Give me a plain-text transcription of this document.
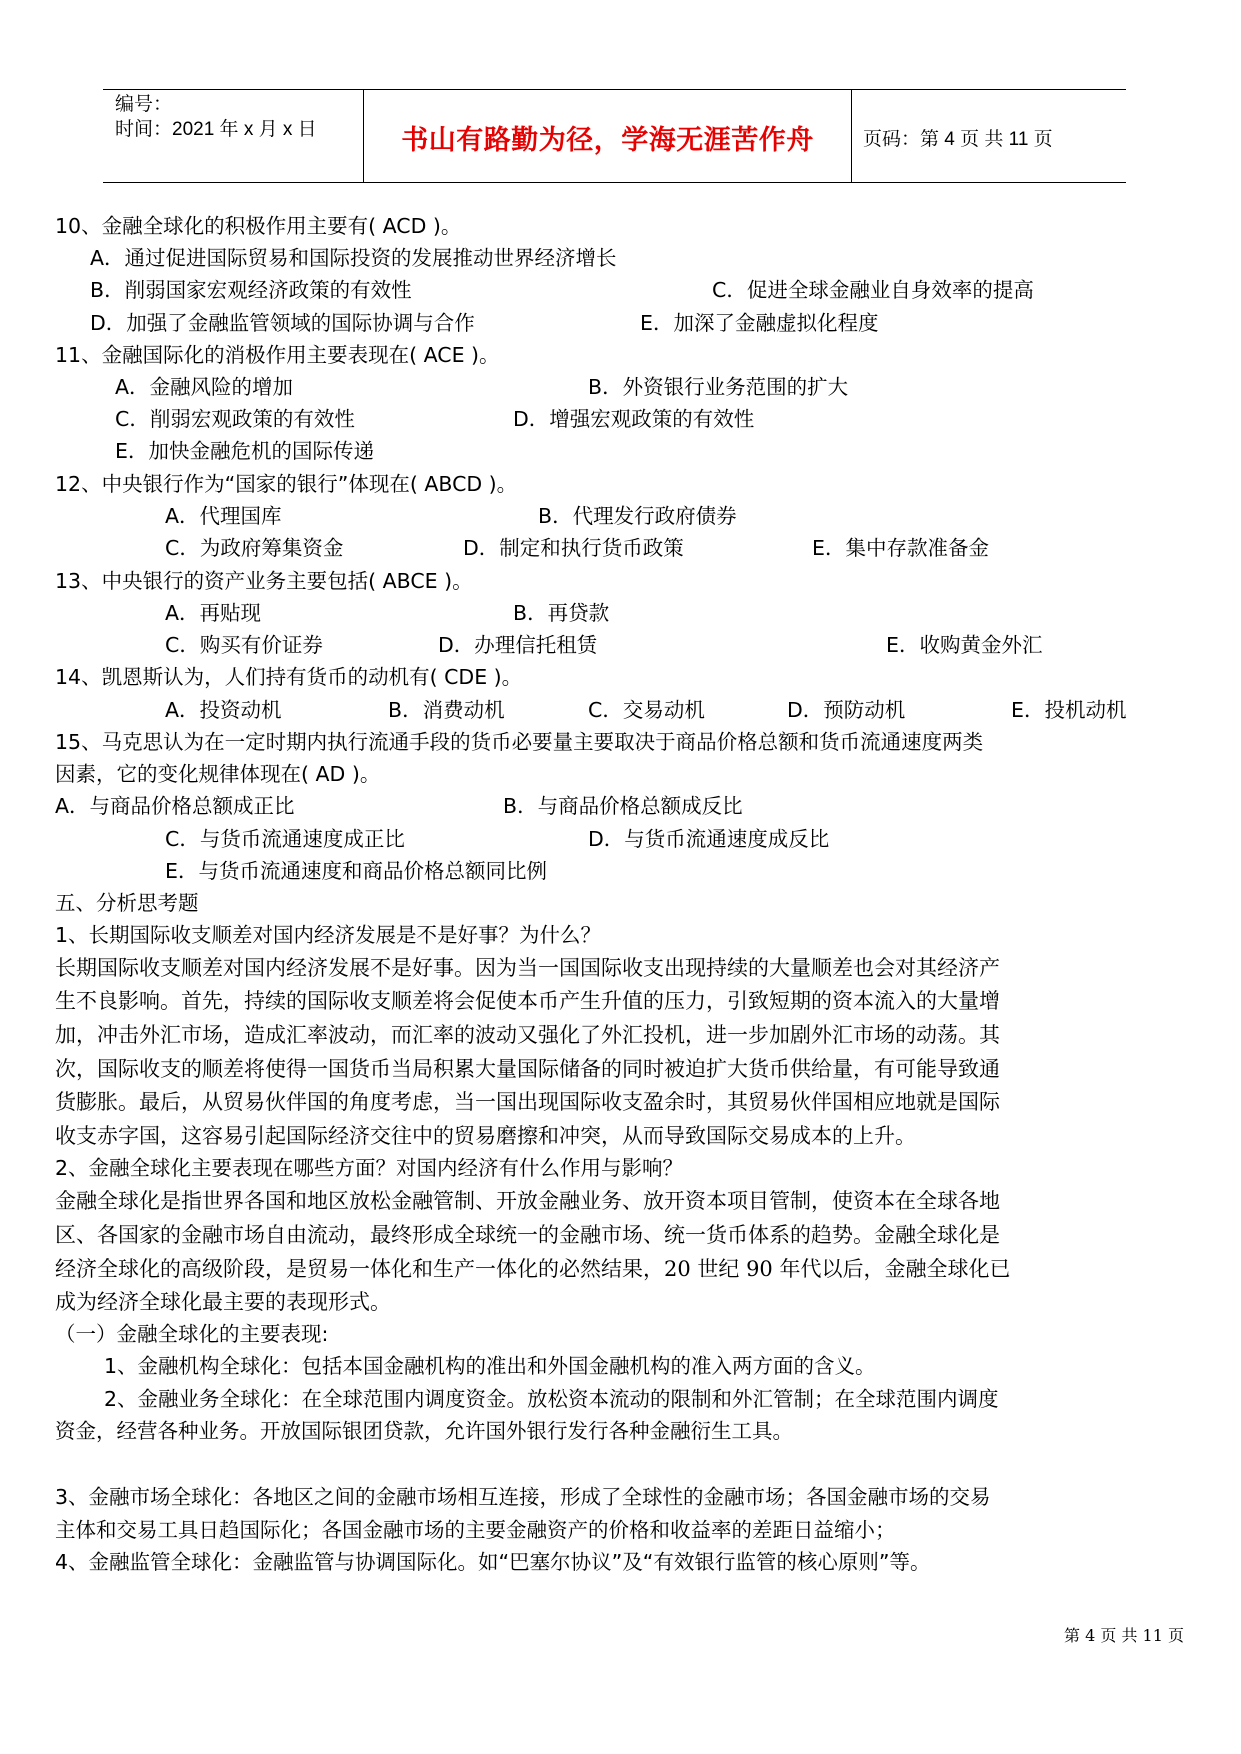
编号：
时间：2021 年 x 月 x 日	书山有路勤为径，学海无涯苦作舟	页码：第 4 页 共 11 页
10、金融全球化的积极作用主要有( ACD )。
A．通过促进国际贸易和国际投资的发展推动世界经济增长
B．削弱国家宏观经济政策的有效性	C．促进全球金融业自身效率的提高
D．加强了金融监管领域的国际协调与合作	E．加深了金融虚拟化程度
11、金融国际化的消极作用主要表现在( ACE )。
A．金融风险的增加	B．外资银行业务范围的扩大
C．削弱宏观政策的有效性	D．增强宏观政策的有效性
E．加快金融危机的国际传递
12、中央银行作为“国家的银行”体现在( ABCD )。
A．代理国库	B．代理发行政府债券
C．为政府筹集资金	D．制定和执行货币政策	E．集中存款准备金
13、中央银行的资产业务主要包括( ABCE )。
A．再贴现	B．再贷款
C．购买有价证券	D．办理信托租赁	E．收购黄金外汇
14、凯恩斯认为，人们持有货币的动机有( CDE )。
A．投资动机	B．消费动机	C．交易动机	D．预防动机	E．投机动机
15、马克思认为在一定时期内执行流通手段的货币必要量主要取决于商品价格总额和货币流通速度两类
因素，它的变化规律体现在( AD )。
A．与商品价格总额成正比	B．与商品价格总额成反比
C．与货币流通速度成正比	D．与货币流通速度成反比
E．与货币流通速度和商品价格总额同比例
五、分析思考题
1、长期国际收支顺差对国内经济发展是不是好事？为什么？
长期国际收支顺差对国内经济发展不是好事。因为当一国国际收支出现持续的大量顺差也会对其经济产
生不良影响。首先，持续的国际收支顺差将会促使本币产生升值的压力，引致短期的资本流入的大量增
加，冲击外汇市场，造成汇率波动，而汇率的波动又强化了外汇投机，进一步加剧外汇市场的动荡。其
次，国际收支的顺差将使得一国货币当局积累大量国际储备的同时被迫扩大货币供给量，有可能导致通
货膨胀。最后，从贸易伙伴国的角度考虑，当一国出现国际收支盈余时，其贸易伙伴国相应地就是国际
收支赤字国，这容易引起国际经济交往中的贸易磨擦和冲突，从而导致国际交易成本的上升。
2、金融全球化主要表现在哪些方面？对国内经济有什么作用与影响？
金融全球化是指世界各国和地区放松金融管制、开放金融业务、放开资本项目管制，使资本在全球各地
区、各国家的金融市场自由流动，最终形成全球统一的金融市场、统一货币体系的趋势。金融全球化是
经济全球化的高级阶段，是贸易一体化和生产一体化的必然结果，20 世纪 90 年代以后，金融全球化已
成为经济全球化最主要的表现形式。
（一）金融全球化的主要表现:
1、金融机构全球化：包括本国金融机构的准出和外国金融机构的准入两方面的含义。
2、金融业务全球化：在全球范围内调度资金。放松资本流动的限制和外汇管制；在全球范围内调度
资金，经营各种业务。开放国际银团贷款，允许国外银行发行各种金融衍生工具。
3、金融市场全球化：各地区之间的金融市场相互连接，形成了全球性的金融市场；各国金融市场的交易
主体和交易工具日趋国际化；各国金融市场的主要金融资产的价格和收益率的差距日益缩小；
4、金融监管全球化：金融监管与协调国际化。如“巴塞尔协议”及“有效银行监管的核心原则”等。
第 4 页 共 11 页
